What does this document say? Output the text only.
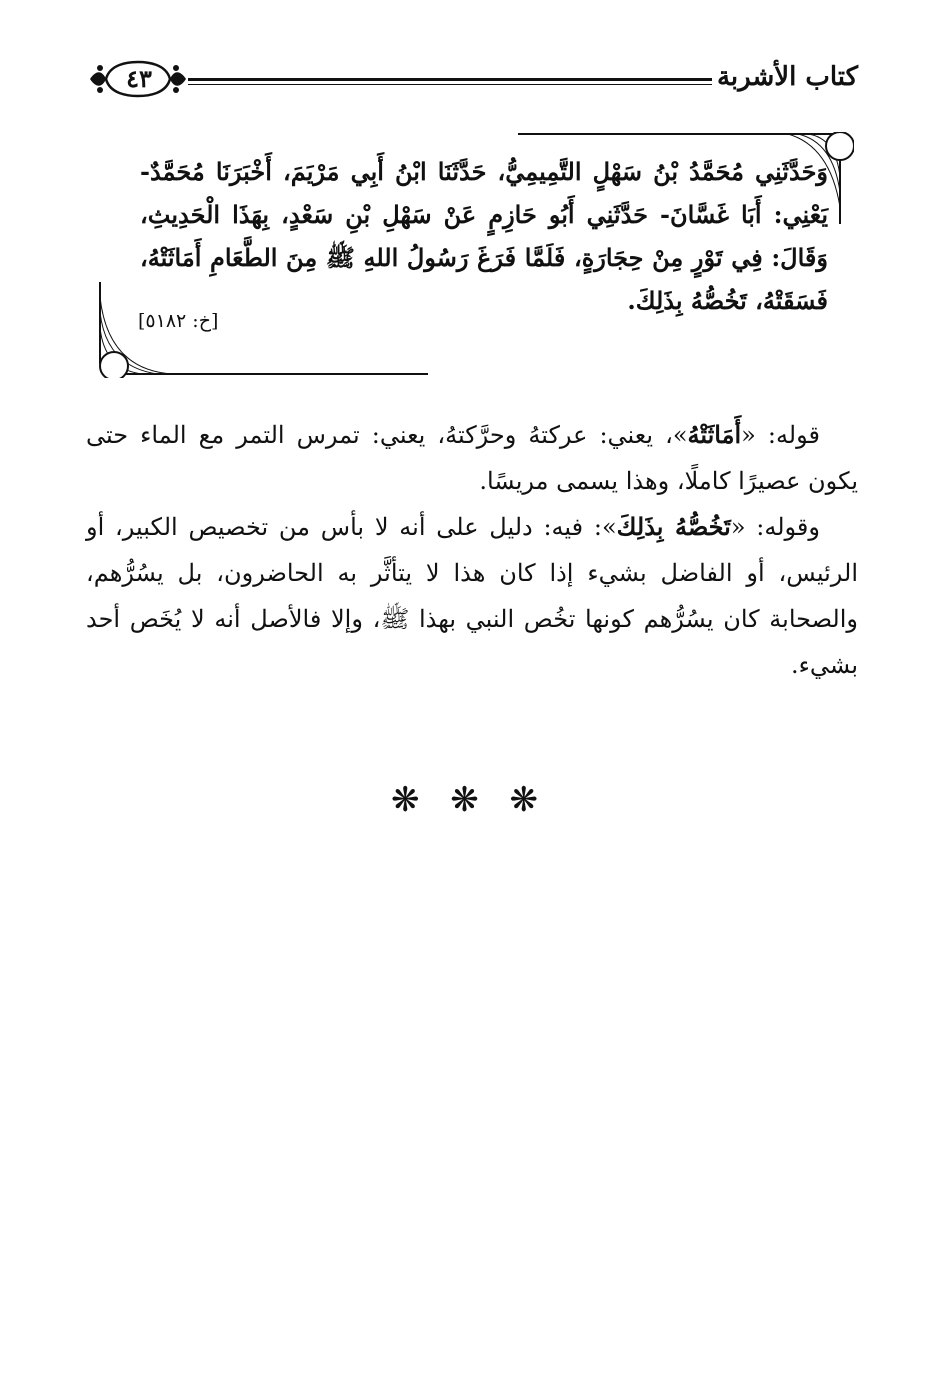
٤٣	كتاب الأشربة
وَحَدَّثَنِي مُحَمَّدُ بْنُ سَهْلٍ التَّمِيمِيُّ، حَدَّثَنَا ابْنُ أَبِي مَرْيَمَ، أَخْبَرَنَا مُحَمَّدٌ- يَعْنِي: أَبَا غَسَّانَ- حَدَّثَنِي أَبُو حَازِمٍ عَنْ سَهْلِ بْنِ سَعْدٍ، بِهَذَا الْحَدِيثِ، وَقَالَ: فِي تَوْرٍ مِنْ حِجَارَةٍ، فَلَمَّا فَرَغَ رَسُولُ اللهِ ﷺ مِنَ الطَّعَامِ أَمَاثَتْهُ، فَسَقَتْهُ، تَخُصُّهُ بِذَلِكَ.
[خ: ٥١٨٢]

قوله: «أَمَاثَتْهُ»، يعني: عركتهُ وحرَّكتهُ، يعني: تمرس التمر مع الماء حتى يكون عصيرًا كاملًا، وهذا يسمى مريسًا.

وقوله: «تَخُصُّهُ بِذَلِكَ»: فيه: دليل على أنه لا بأس من تخصيص الكبير، أو الرئيس، أو الفاضل بشيء إذا كان هذا لا يتأثَّر به الحاضرون، بل يسُرُّهم، والصحابة كان يسُرُّهم كونها تخُص النبي بهذا ﷺ، وإلا فالأصل أنه لا يُخَص أحد بشيء.

❋ ❋ ❋
